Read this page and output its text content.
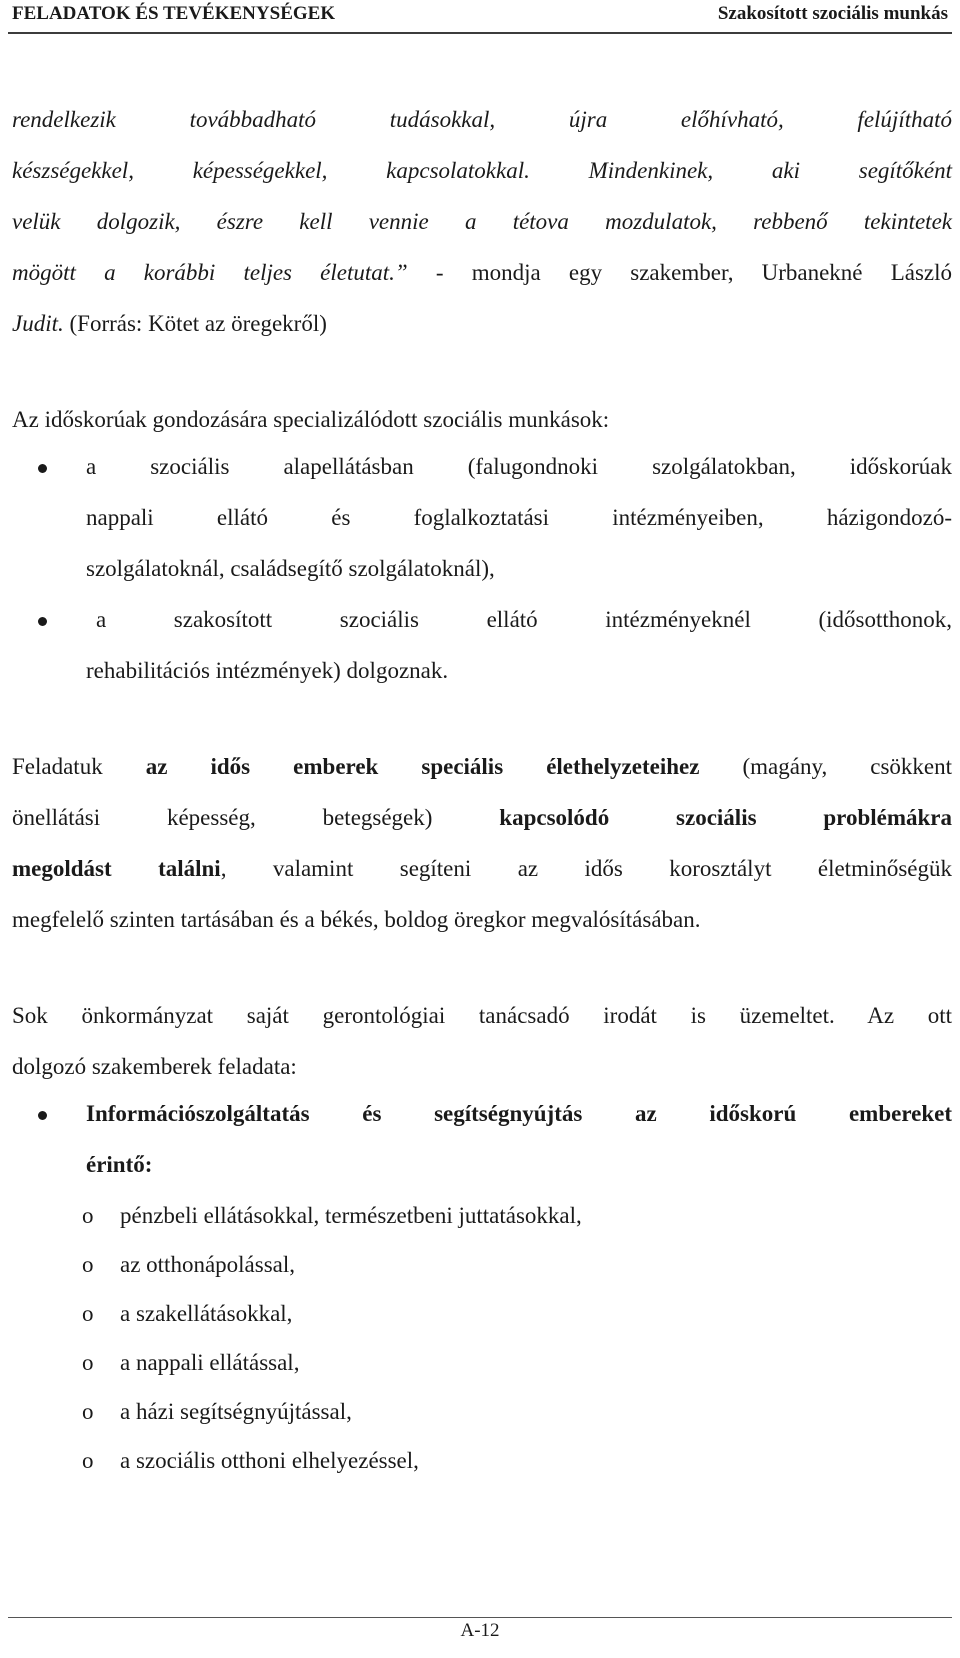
FELADATOK ÉS TEVÉKENYSÉGEK	Szakosított szociális munkás
rendelkezik továbbadható tudásokkal, újra előhívható, felújítható
készségekkel, képességekkel, kapcsolatokkal. Mindenkinek, aki segítőként
velük dolgozik, észre kell vennie a tétova mozdulatok, rebbenő tekintetek
mögött a korábbi teljes életutat.” - mondja egy szakember, Urbanekné László
Judit. (Forrás: Kötet az öregekről)
Az időskorúak gondozására specializálódott szociális munkások:
a szociális alapellátásban (falugondnoki szolgálatokban, időskorúak
nappali ellátó és foglalkoztatási intézményeiben, házigondozó-
szolgálatoknál, családsegítő szolgálatoknál),
a szakosított szociális ellátó intézményeknél (idősotthonok,
rehabilitációs intézmények) dolgoznak.
Feladatuk az idős emberek speciális élethelyzeteihez (magány, csökkent
önellátási képesség, betegségek)	kapcsolódó szociális problémákra
megoldást találni, valamint segíteni az idős korosztályt életminőségük
megfelelő szinten tartásában és a békés, boldog öregkor megvalósításában.
Sok önkormányzat saját gerontológiai tanácsadó irodát is üzemeltet. Az ott
dolgozó szakemberek feladata:
Információszolgáltatás és segítségnyújtás az időskorú embereket
érintő:
o pénzbeli ellátásokkal, természetbeni juttatásokkal,
o az otthonápolással,
o a szakellátásokkal,
o a nappali ellátással,
o a házi segítségnyújtással,
o a szociális otthoni elhelyezéssel,
A-12
